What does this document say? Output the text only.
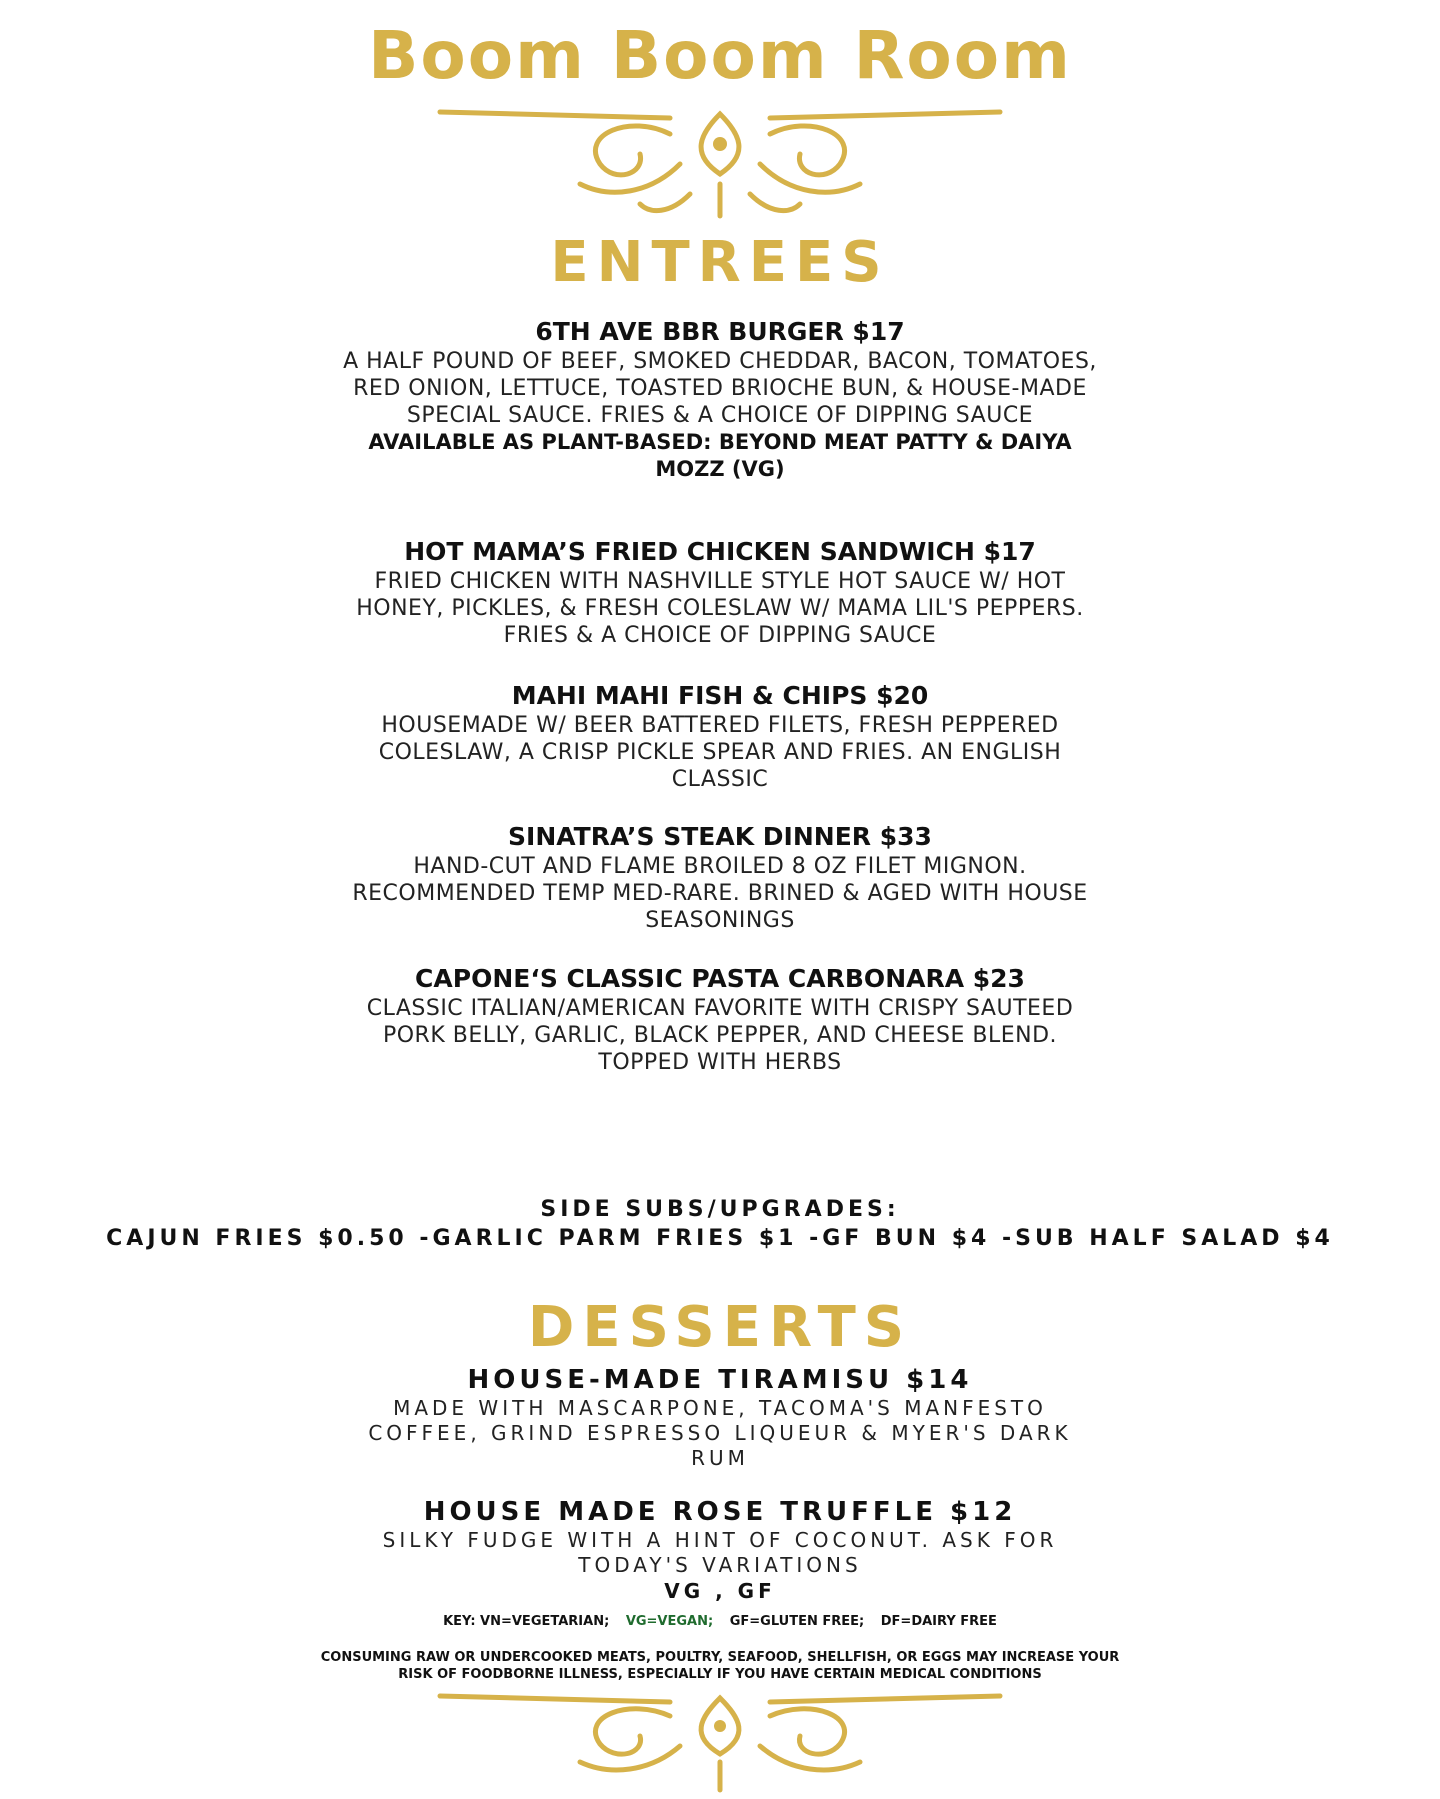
Boom Boom Room
ENTREES
6TH AVE BBR BURGER $17
A HALF POUND OF BEEF, SMOKED CHEDDAR, BACON, TOMATOES, RED ONION, LETTUCE, TOASTED BRIOCHE BUN, & HOUSE-MADE SPECIAL SAUCE. FRIES & A CHOICE OF DIPPING SAUCE
AVAILABLE AS PLANT-BASED: BEYOND MEAT PATTY & DAIYA MOZZ (VG)
HOT MAMA’S FRIED CHICKEN SANDWICH $17
FRIED CHICKEN WITH NASHVILLE STYLE HOT SAUCE W/ HOT HONEY, PICKLES, & FRESH COLESLAW W/ MAMA LIL'S PEPPERS. FRIES & A CHOICE OF DIPPING SAUCE
MAHI MAHI FISH & CHIPS $20
HOUSEMADE W/ BEER BATTERED FILETS, FRESH PEPPERED COLESLAW, A CRISP PICKLE SPEAR AND FRIES. AN ENGLISH CLASSIC
SINATRA’S STEAK DINNER $33
HAND-CUT AND FLAME BROILED 8 OZ FILET MIGNON. RECOMMENDED TEMP MED-RARE. BRINED & AGED WITH HOUSE SEASONINGS
CAPONE‘S CLASSIC PASTA CARBONARA $23
CLASSIC ITALIAN/AMERICAN FAVORITE WITH CRISPY SAUTEED PORK BELLY, GARLIC, BLACK PEPPER, AND CHEESE BLEND. TOPPED WITH HERBS
SIDE SUBS/UPGRADES:
CAJUN FRIES $0.50 -GARLIC PARM FRIES $1 -GF BUN $4 -SUB HALF SALAD $4
DESSERTS
HOUSE-MADE TIRAMISU $14
MADE WITH MASCARPONE, TACOMA'S MANFESTO COFFEE, GRIND ESPRESSO LIQUEUR & MYER'S DARK RUM
HOUSE MADE ROSE TRUFFLE $12
SILKY FUDGE WITH A HINT OF COCONUT. ASK FOR TODAY'S VARIATIONS
VG , GF
KEY: VN=VEGETARIAN; VG=VEGAN; GF=GLUTEN FREE; DF=DAIRY FREE
CONSUMING RAW OR UNDERCOOKED MEATS, POULTRY, SEAFOOD, SHELLFISH, OR EGGS MAY INCREASE YOUR RISK OF FOODBORNE ILLNESS, ESPECIALLY IF YOU HAVE CERTAIN MEDICAL CONDITIONS
